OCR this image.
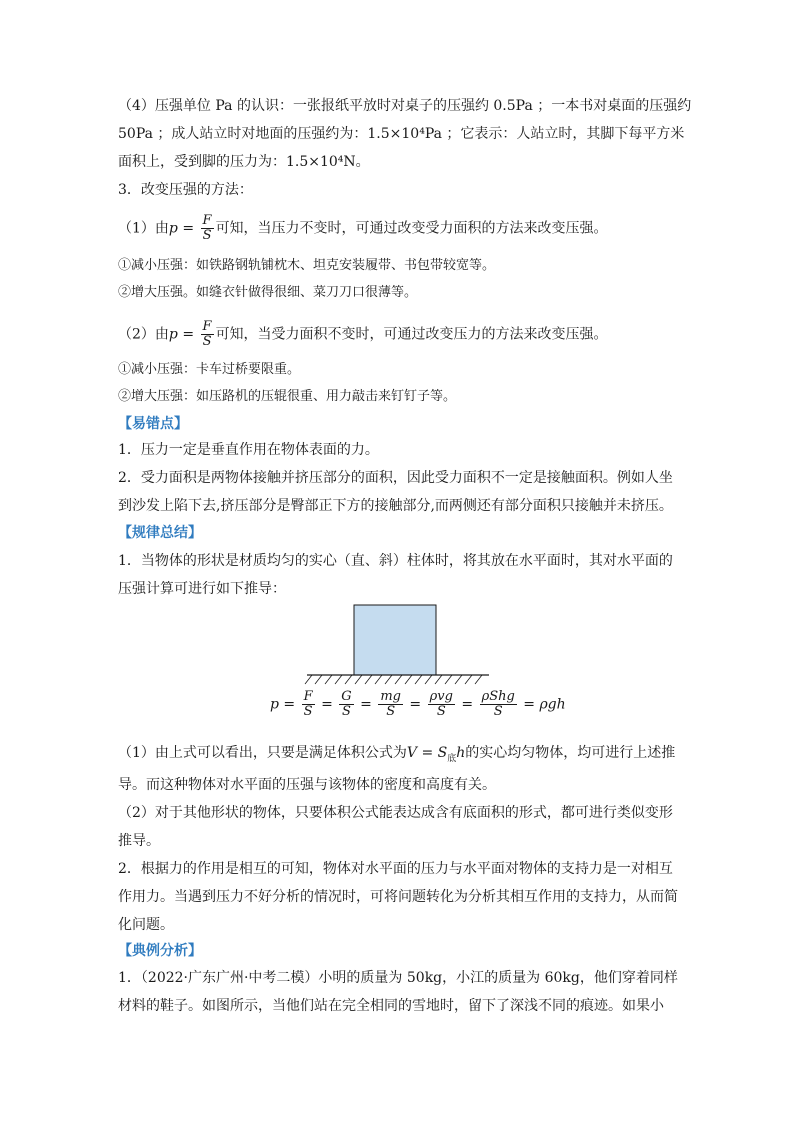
（4）压强单位 Pa 的认识：一张报纸平放时对桌子的压强约 0.5Pa ；一本书对桌面的压强约
50Pa ；成人站立时对地面的压强约为：1.5×10⁴Pa ；它表示：人站立时，其脚下每平方米
面积上，受到脚的压力为：1.5×10⁴N。
3．改变压强的方法：
（1）由$p = \frac{F}{S}$ 可知，当压力不变时，可通过改变受力面积的方法来改变压强。
①减小压强：如铁路钢轨铺枕木、坦克安装履带、书包带较宽等。
②增大压强。如缝衣针做得很细、菜刀刀口很薄等。
（2）由$p = \frac{F}{S}$ 可知，当受力面积不变时，可通过改变压力的方法来改变压强。
①减小压强：卡车过桥要限重。
②增大压强：如压路机的压辊很重、用力敲击来钉钉子等。
【易错点】
1．压力一定是垂直作用在物体表面的力。
2．受力面积是两物体接触并挤压部分的面积，因此受力面积不一定是接触面积。例如人坐
到沙发上陷下去,挤压部分是臀部正下方的接触部分,而两侧还有部分面积只接触并未挤压。
【规律总结】
1．当物体的形状是材质均匀的实心（直、斜）柱体时，将其放在水平面时，其对水平面的
压强计算可进行如下推导：
$p = \frac{F}{S} = \frac{G}{S} = \frac{mg}{S} = \frac{\text{ρvg}}{S} = \frac{\text{ρShg}}{S} = \rho gh$
（1）由上式可以看出，只要是满足体积公式为$V = S_底h$的实心均匀物体，均可进行上述推
导。而这种物体对水平面的压强与该物体的密度和高度有关。
（2）对于其他形状的物体，只要体积公式能表达成含有底面积的形式，都可进行类似变形
推导。
2．根据力的作用是相互的可知，物体对水平面的压力与水平面对物体的支持力是一对相互
作用力。当遇到压力不好分析的情况时，可将问题转化为分析其相互作用的支持力，从而简
化问题。
【典例分析】
1．（2022·广东广州·中考二模）小明的质量为 50kg，小江的质量为 60kg，他们穿着同样
材料的鞋子。如图所示，当他们站在完全相同的雪地时，留下了深浅不同的痕迹。如果小
